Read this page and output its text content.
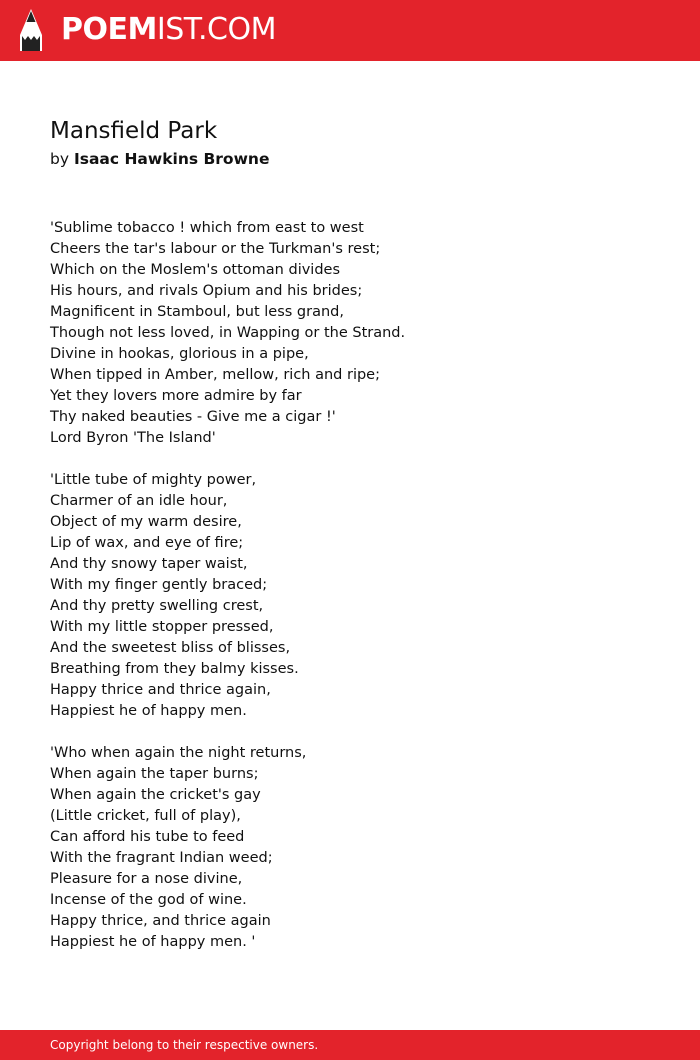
POEMIST.COM
Mansfield Park
by Isaac Hawkins Browne
'Sublime tobacco ! which from east to west
Cheers the tar's labour or the Turkman's rest;
Which on the Moslem's ottoman divides
His hours, and rivals Opium and his brides;
Magnificent in Stamboul, but less grand,
Though not less loved, in Wapping or the Strand.
Divine in hookas, glorious in a pipe,
When tipped in Amber, mellow, rich and ripe;
Yet they lovers more admire by far
Thy naked beauties - Give me a cigar !'
Lord Byron 'The Island'
'Little tube of mighty power,
Charmer of an idle hour,
Object of my warm desire,
Lip of wax, and eye of fire;
And thy snowy taper waist,
With my finger gently braced;
And thy pretty swelling crest,
With my little stopper pressed,
And the sweetest bliss of blisses,
Breathing from they balmy kisses.
Happy thrice and thrice again,
Happiest he of happy men.
'Who when again the night returns,
When again the taper burns;
When again the cricket's gay
(Little cricket, full of play),
Can afford his tube to feed
With the fragrant Indian weed;
Pleasure for a nose divine,
Incense of the god of wine.
Happy thrice, and thrice again
Happiest he of happy men. '
Copyright belong to their respective owners.
